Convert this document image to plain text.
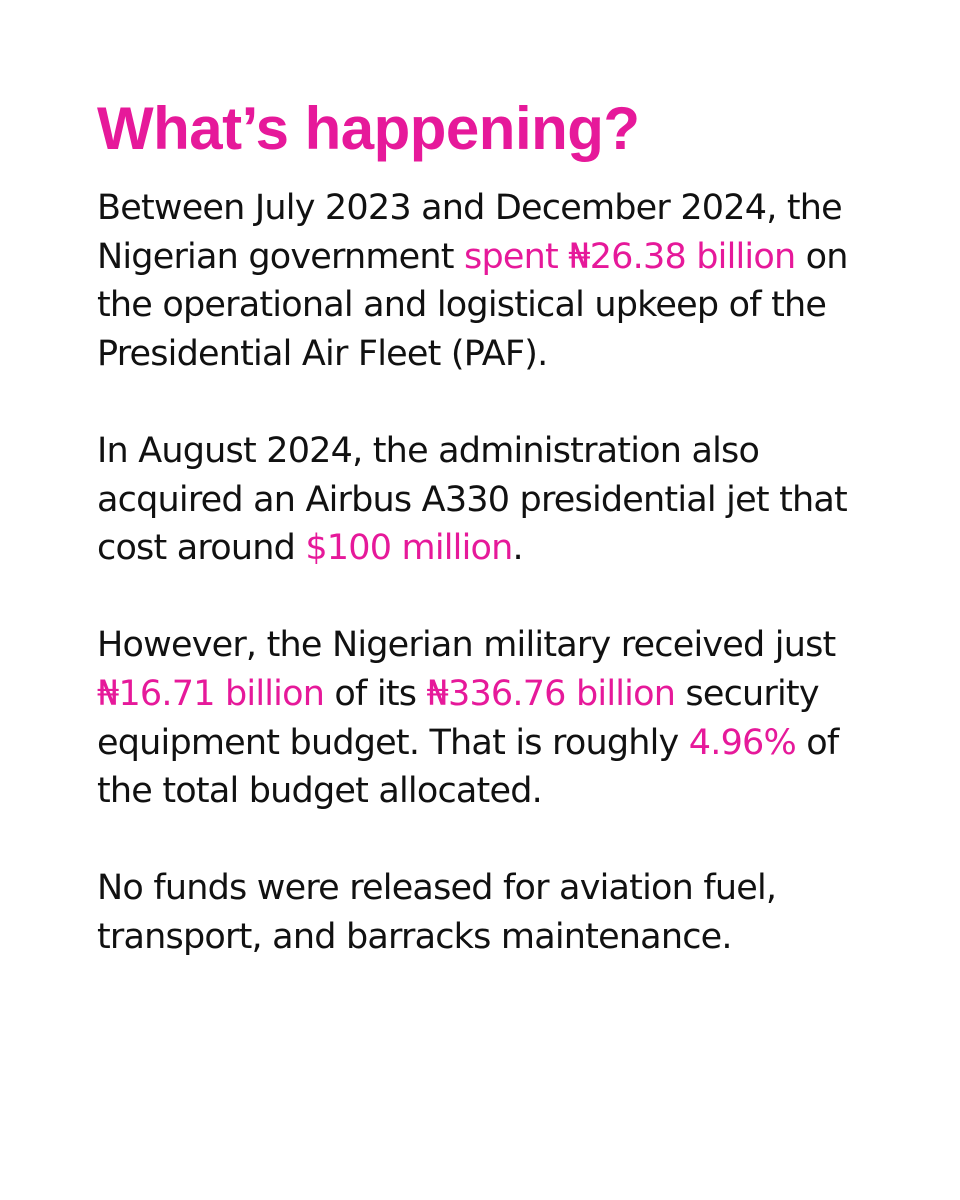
What’s happening?

Between July 2023 and December 2024, the Nigerian government spent ₦26.38 billion on the operational and logistical upkeep of the Presidential Air Fleet (PAF).

In August 2024, the administration also acquired an Airbus A330 presidential jet that cost around $100 million.

However, the Nigerian military received just ₦16.71 billion of its ₦336.76 billion security equipment budget. That is roughly 4.96% of the total budget allocated.

No funds were released for aviation fuel, transport, and barracks maintenance.
